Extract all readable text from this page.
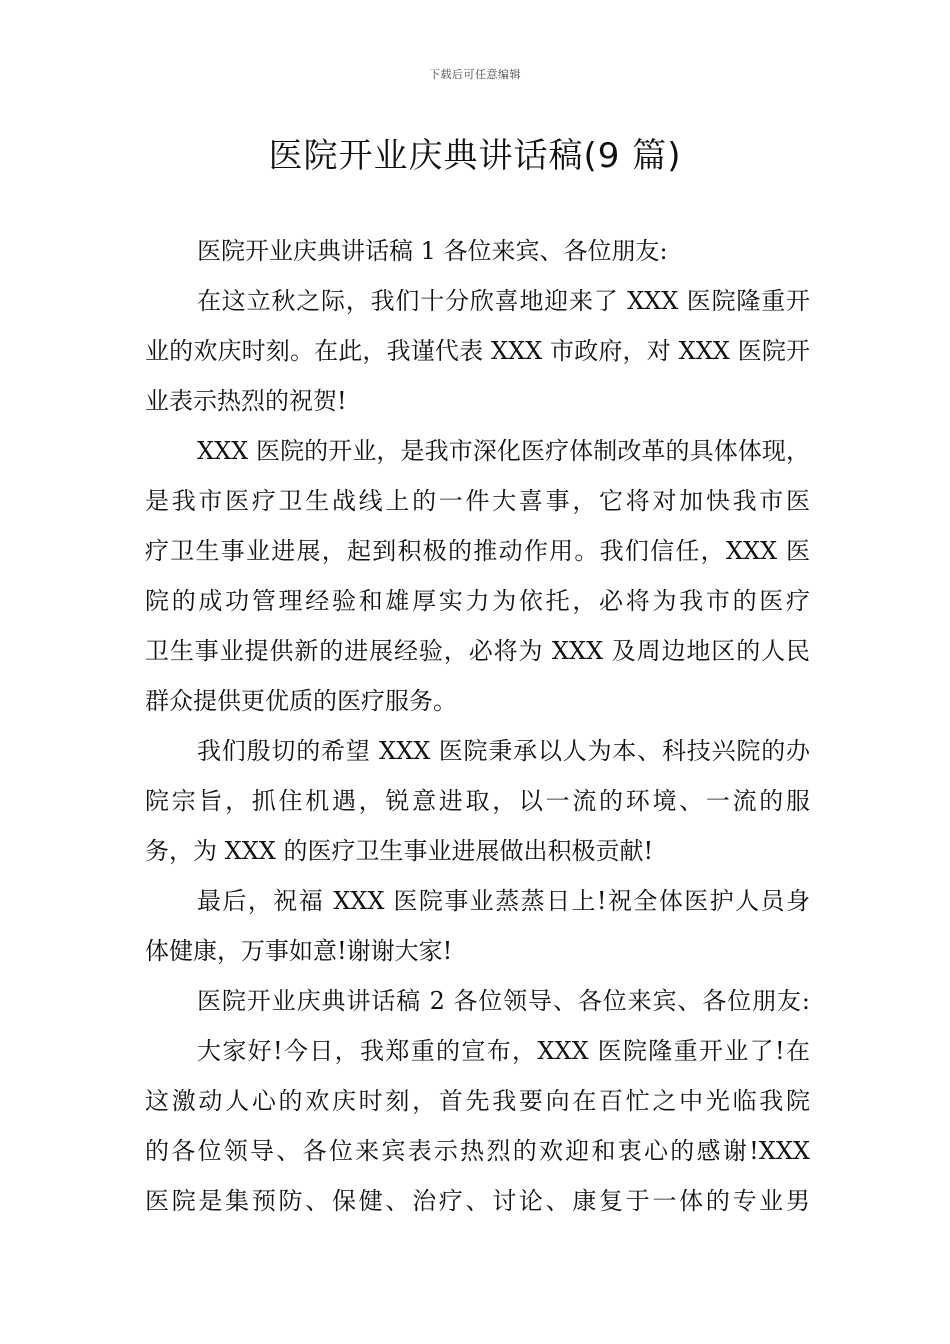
下载后可任意编辑
医院开业庆典讲话稿(9 篇)
医院开业庆典讲话稿 1 各位来宾、各位朋友:
在这立秋之际，我们十分欣喜地迎来了 XXX 医院隆重开
业的欢庆时刻。在此，我谨代表 XXX 市政府，对 XXX 医院开
业表示热烈的祝贺!
XXX 医院的开业，是我市深化医疗体制改革的具体体现，
是我市医疗卫生战线上的一件大喜事，它将对加快我市医
疗卫生事业进展，起到积极的推动作用。我们信任，XXX 医
院的成功管理经验和雄厚实力为依托，必将为我市的医疗
卫生事业提供新的进展经验，必将为 XXX 及周边地区的人民
群众提供更优质的医疗服务。
我们殷切的希望 XXX 医院秉承以人为本、科技兴院的办
院宗旨，抓住机遇，锐意进取，以一流的环境、一流的服
务，为 XXX 的医疗卫生事业进展做出积极贡献!
最后，祝福 XXX 医院事业蒸蒸日上!祝全体医护人员身
体健康，万事如意!谢谢大家!
医院开业庆典讲话稿 2 各位领导、各位来宾、各位朋友:
大家好!今日，我郑重的宣布，XXX 医院隆重开业了!在
这激动人心的欢庆时刻，首先我要向在百忙之中光临我院
的各位领导、各位来宾表示热烈的欢迎和衷心的感谢!XXX
医院是集预防、保健、治疗、讨论、康复于一体的专业男
